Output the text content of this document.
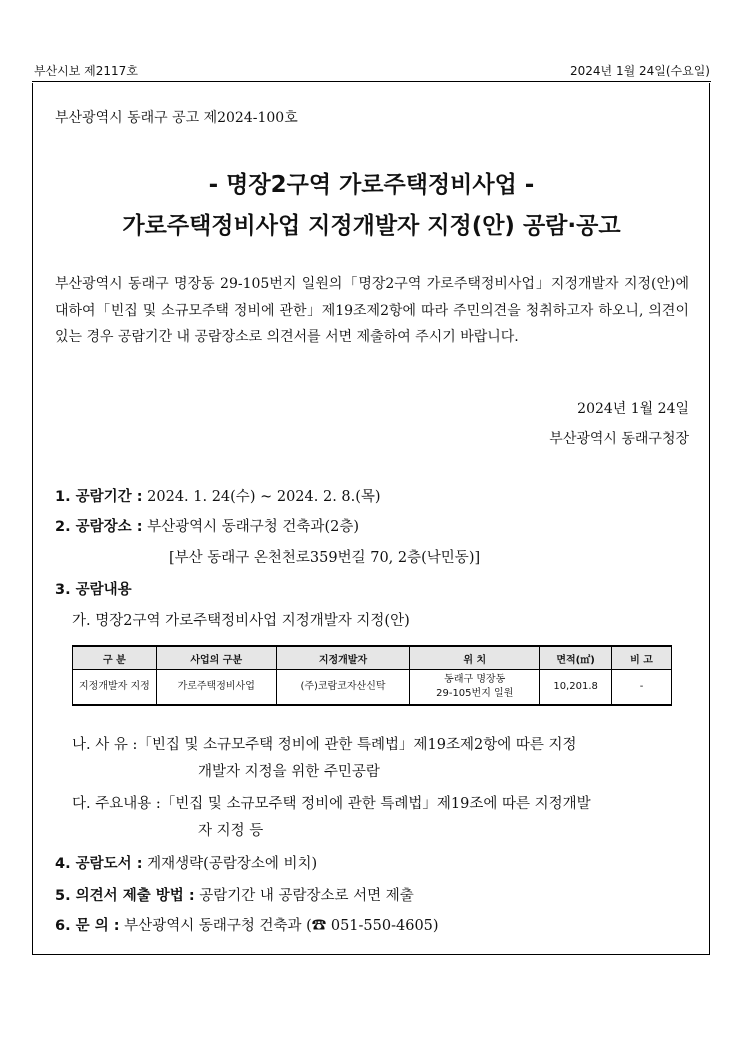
부산시보 제2117호	2024년 1월 24일(수요일)
부산광역시 동래구 공고 제2024-100호
- 명장2구역 가로주택정비사업 -
가로주택정비사업 지정개발자 지정(안) 공람·공고
부산광역시 동래구 명장동 29-105번지 일원의「명장2구역 가로주택정비사업」지정개발자 지정(안)에 대하여「빈집 및 소규모주택 정비에 관한」제19조제2항에 따라 주민의견을 청취하고자 하오니, 의견이 있는 경우 공람기간 내 공람장소로 의견서를 서면 제출하여 주시기 바랍니다.
2024년 1월 24일
부산광역시 동래구청장
1. 공람기간 : 2024. 1. 24(수) ~ 2024. 2. 8.(목)
2. 공람장소 : 부산광역시 동래구청 건축과(2층)
[부산 동래구 온천천로359번길 70, 2층(낙민동)]
3. 공람내용
가. 명장2구역 가로주택정비사업 지정개발자 지정(안)
구 분	사업의 구분	지정개발자	위 치	면적(㎡)	비 고
지정개발자 지정	가로주택정비사업	(주)코람코자산신탁	동래구 명장동
29-105번지 일원	10,201.8	-
나. 사 유 :「빈집 및 소규모주택 정비에 관한 특례법」제19조제2항에 따른 지정
개발자 지정을 위한 주민공람
다. 주요내용 :「빈집 및 소규모주택 정비에 관한 특례법」제19조에 따른 지정개발
자 지정 등
4. 공람도서 : 게재생략(공람장소에 비치)
5. 의견서 제출 방법 : 공람기간 내 공람장소로 서면 제출
6. 문 의 : 부산광역시 동래구청 건축과 (☎ 051-550-4605)
